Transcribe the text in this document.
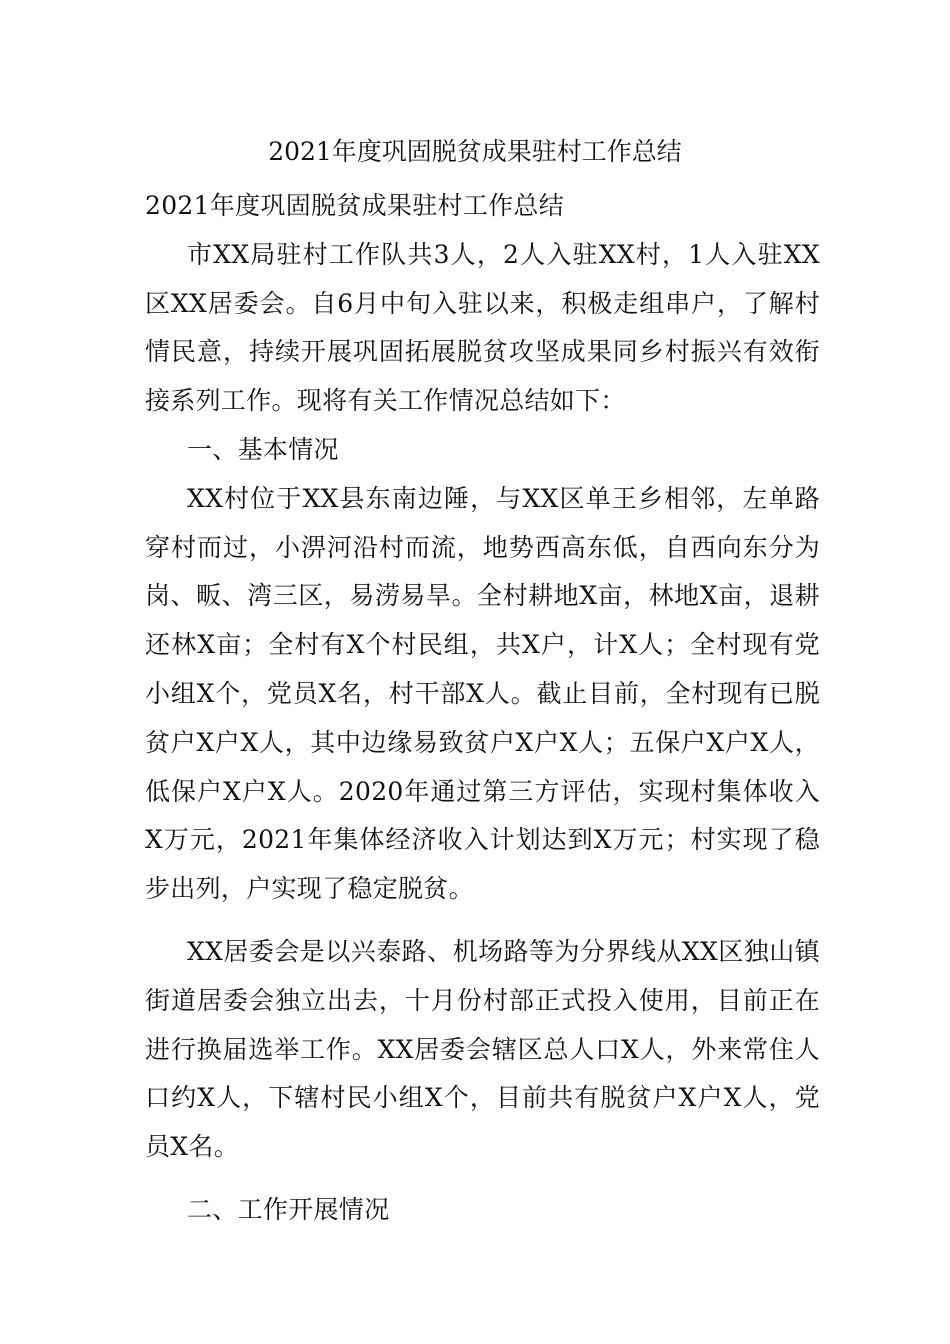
2021年度巩固脱贫成果驻村工作总结

2021年度巩固脱贫成果驻村工作总结

市XX局驻村工作队共3人，2人入驻XX村，1人入驻XX区XX居委会。自6月中旬入驻以来，积极走组串户，了解村情民意，持续开展巩固拓展脱贫攻坚成果同乡村振兴有效衔接系列工作。现将有关工作情况总结如下：

一、基本情况

XX村位于XX县东南边陲，与XX区单王乡相邻，左单路穿村而过，小淠河沿村而流，地势西高东低，自西向东分为岗、畈、湾三区，易涝易旱。全村耕地X亩，林地X亩，退耕还林X亩；全村有X个村民组，共X户，计X人；全村现有党小组X个，党员X名，村干部X人。截止目前，全村现有已脱贫户X户X人，其中边缘易致贫户X户X人；五保户X户X人，低保户X户X人。2020年通过第三方评估，实现村集体收入X万元，2021年集体经济收入计划达到X万元；村实现了稳步出列，户实现了稳定脱贫。

XX居委会是以兴泰路、机场路等为分界线从XX区独山镇街道居委会独立出去，十月份村部正式投入使用，目前正在进行换届选举工作。XX居委会辖区总人口X人，外来常住人口约X人，下辖村民小组X个，目前共有脱贫户X户X人，党员X名。

二、工作开展情况
